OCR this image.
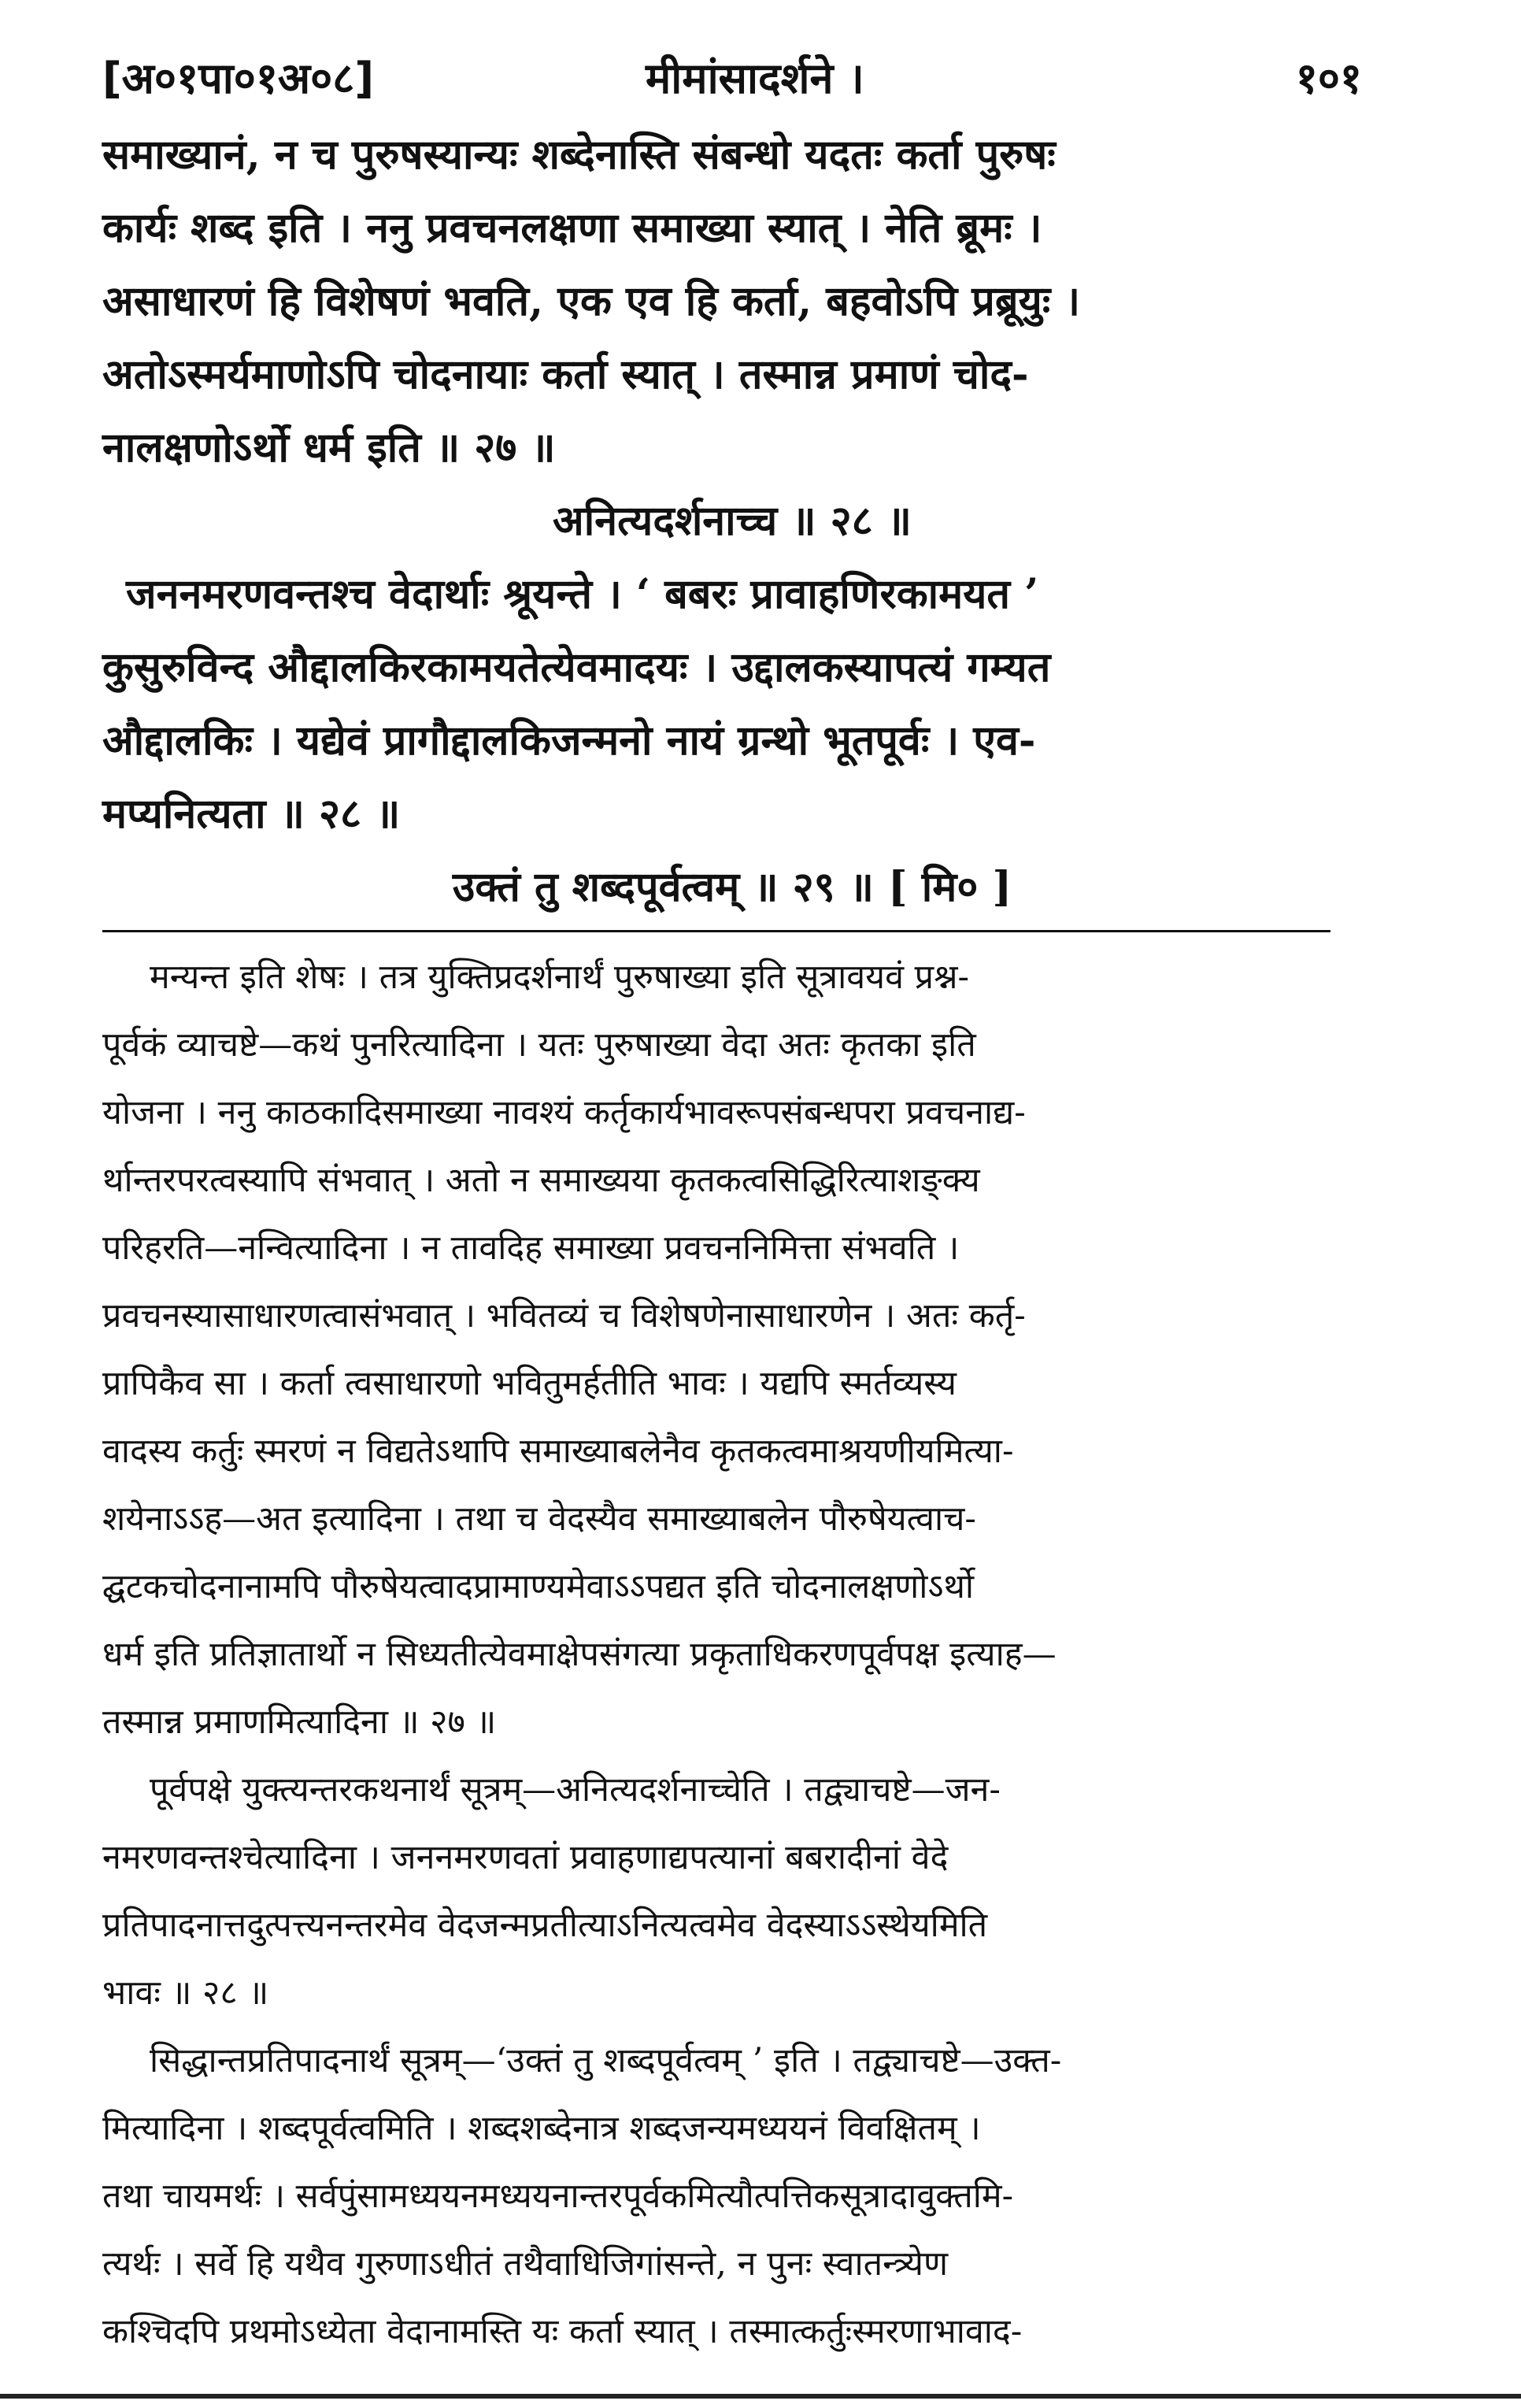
[अ०१पा०१अ०८]	मीमांसादर्शने ।	१०१
समाख्यानं, न च पुरुषस्यान्यः शब्देनास्ति संबन्धो यदतः कर्ता पुरुषः
कार्यः शब्द इति । ननु प्रवचनलक्षणा समाख्या स्यात् । नेति ब्रूमः ।
असाधारणं हि विशेषणं भवति, एक एव हि कर्ता, बहवोऽपि प्रब्रूयुः ।
अतोऽस्मर्यमाणोऽपि चोदनायाः कर्ता स्यात् । तस्मान्न प्रमाणं चोद-
नालक्षणोऽर्थो धर्म इति ॥ २७ ॥
अनित्यदर्शनाच्च ॥ २८ ॥
जननमरणवन्तश्च वेदार्थाः श्रूयन्ते । ‘ बबरः प्रावाहणिरकामयत ’
कुसुरुविन्द औद्दालकिरकामयतेत्येवमादयः । उद्दालकस्यापत्यं गम्यत
औद्दालकिः । यद्येवं प्रागौद्दालकिजन्मनो नायं ग्रन्थो भूतपूर्वः । एव-
मप्यनित्यता ॥ २८ ॥
उक्तं तु शब्दपूर्वत्वम् ॥ २९ ॥ [ मि० ]
मन्यन्त इति शेषः । तत्र युक्तिप्रदर्शनार्थं पुरुषाख्या इति सूत्रावयवं प्रश्न-
पूर्वकं व्याचष्टे—कथं पुनरित्यादिना । यतः पुरुषाख्या वेदा अतः कृतका इति
योजना । ननु काठकादिसमाख्या नावश्यं कर्तृकार्यभावरूपसंबन्धपरा प्रवचनाद्य-
र्थान्तरपरत्वस्यापि संभवात् । अतो न समाख्यया कृतकत्वसिद्धिरित्याशङ्क्य
परिहरति—नन्वित्यादिना । न तावदिह समाख्या प्रवचननिमित्ता संभवति ।
प्रवचनस्यासाधारणत्वासंभवात् । भवितव्यं च विशेषणेनासाधारणेन । अतः कर्तृ-
प्रापिकैव सा । कर्ता त्वसाधारणो भवितुमर्हतीति भावः । यद्यपि स्मर्तव्यस्य
वादस्य कर्तुः स्मरणं न विद्यतेऽथापि समाख्याबलेनैव कृतकत्वमाश्रयणीयमित्या-
शयेनाऽऽह—अत इत्यादिना । तथा च वेदस्यैव समाख्याबलेन पौरुषेयत्वाच-
द्घटकचोदनानामपि पौरुषेयत्वादप्रामाण्यमेवाऽऽपद्यत इति चोदनालक्षणोऽर्थो
धर्म इति प्रतिज्ञातार्थो न सिध्यतीत्येवमाक्षेपसंगत्या प्रकृताधिकरणपूर्वपक्ष इत्याह—
तस्मान्न प्रमाणमित्यादिना ॥ २७ ॥
पूर्वपक्षे युक्त्यन्तरकथनार्थं सूत्रम्—अनित्यदर्शनाच्चेति । तद्व्याचष्टे—जन-
नमरणवन्तश्चेत्यादिना । जननमरणवतां प्रवाहणाद्यपत्यानां बबरादीनां वेदे
प्रतिपादनात्तदुत्पत्त्यनन्तरमेव वेदजन्मप्रतीत्याऽनित्यत्वमेव वेदस्याऽऽस्थेयमिति
भावः ॥ २८ ॥
सिद्धान्तप्रतिपादनार्थं सूत्रम्—‘उक्तं तु शब्दपूर्वत्वम् ’ इति । तद्व्याचष्टे—उक्त-
मित्यादिना । शब्दपूर्वत्वमिति । शब्दशब्देनात्र शब्दजन्यमध्ययनं विवक्षितम् ।
तथा चायमर्थः । सर्वपुंसामध्ययनमध्ययनान्तरपूर्वकमित्यौत्पत्तिकसूत्रादावुक्तमि-
त्यर्थः । सर्वे हि यथैव गुरुणाऽधीतं तथैवाधिजिगांसन्ते, न पुनः स्वातन्त्र्येण
कश्चिदपि प्रथमोऽध्येता वेदानामस्ति यः कर्ता स्यात् । तस्मात्कर्तुःस्मरणाभावाद-
